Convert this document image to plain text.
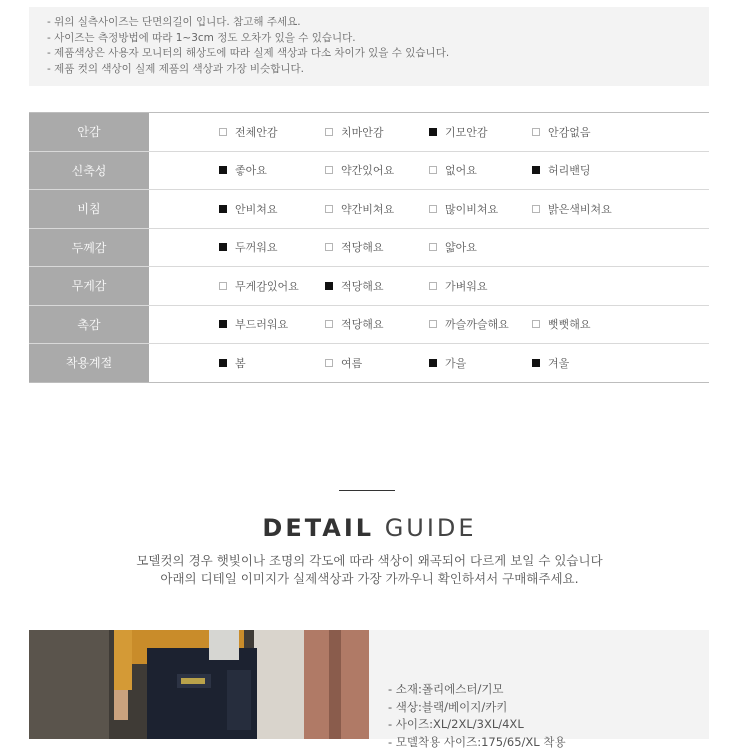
- 위의 실측사이즈는 단면의길이 입니다. 참고해 주세요.
- 사이즈는 측정방법에 따라 1~3cm 정도 오차가 있을 수 있습니다.
- 제품색상은 사용자 모니터의 해상도에 따라 실제 색상과 다소 차이가 있을 수 있습니다.
- 제품 컷의 색상이 실제 제품의 색상과 가장 비슷합니다.
안감	전체안감	치마안감	기모안감	안감없음
신축성	좋아요	약간있어요	없어요	허리밴딩
비침	안비쳐요	약간비쳐요	많이비쳐요	밝은색비쳐요
두께감	두꺼워요	적당해요	얇아요
무게감	무게감있어요	적당해요	가벼워요
촉감	부드러워요	적당해요	까슬까슬해요	뻣뻣해요
착용계절	봄	여름	가을	겨울
DETAIL GUIDE
모델컷의 경우 햇빛이나 조명의 각도에 따라 색상이 왜곡되어 다르게 보일 수 있습니다
아래의 디테일 이미지가 실제색상과 가장 가까우니 확인하셔서 구매해주세요.
- 소재:폴리에스터/기모
- 색상:블랙/베이지/카키
- 사이즈:XL/2XL/3XL/4XL
- 모델착용 사이즈:175/65/XL 착용
